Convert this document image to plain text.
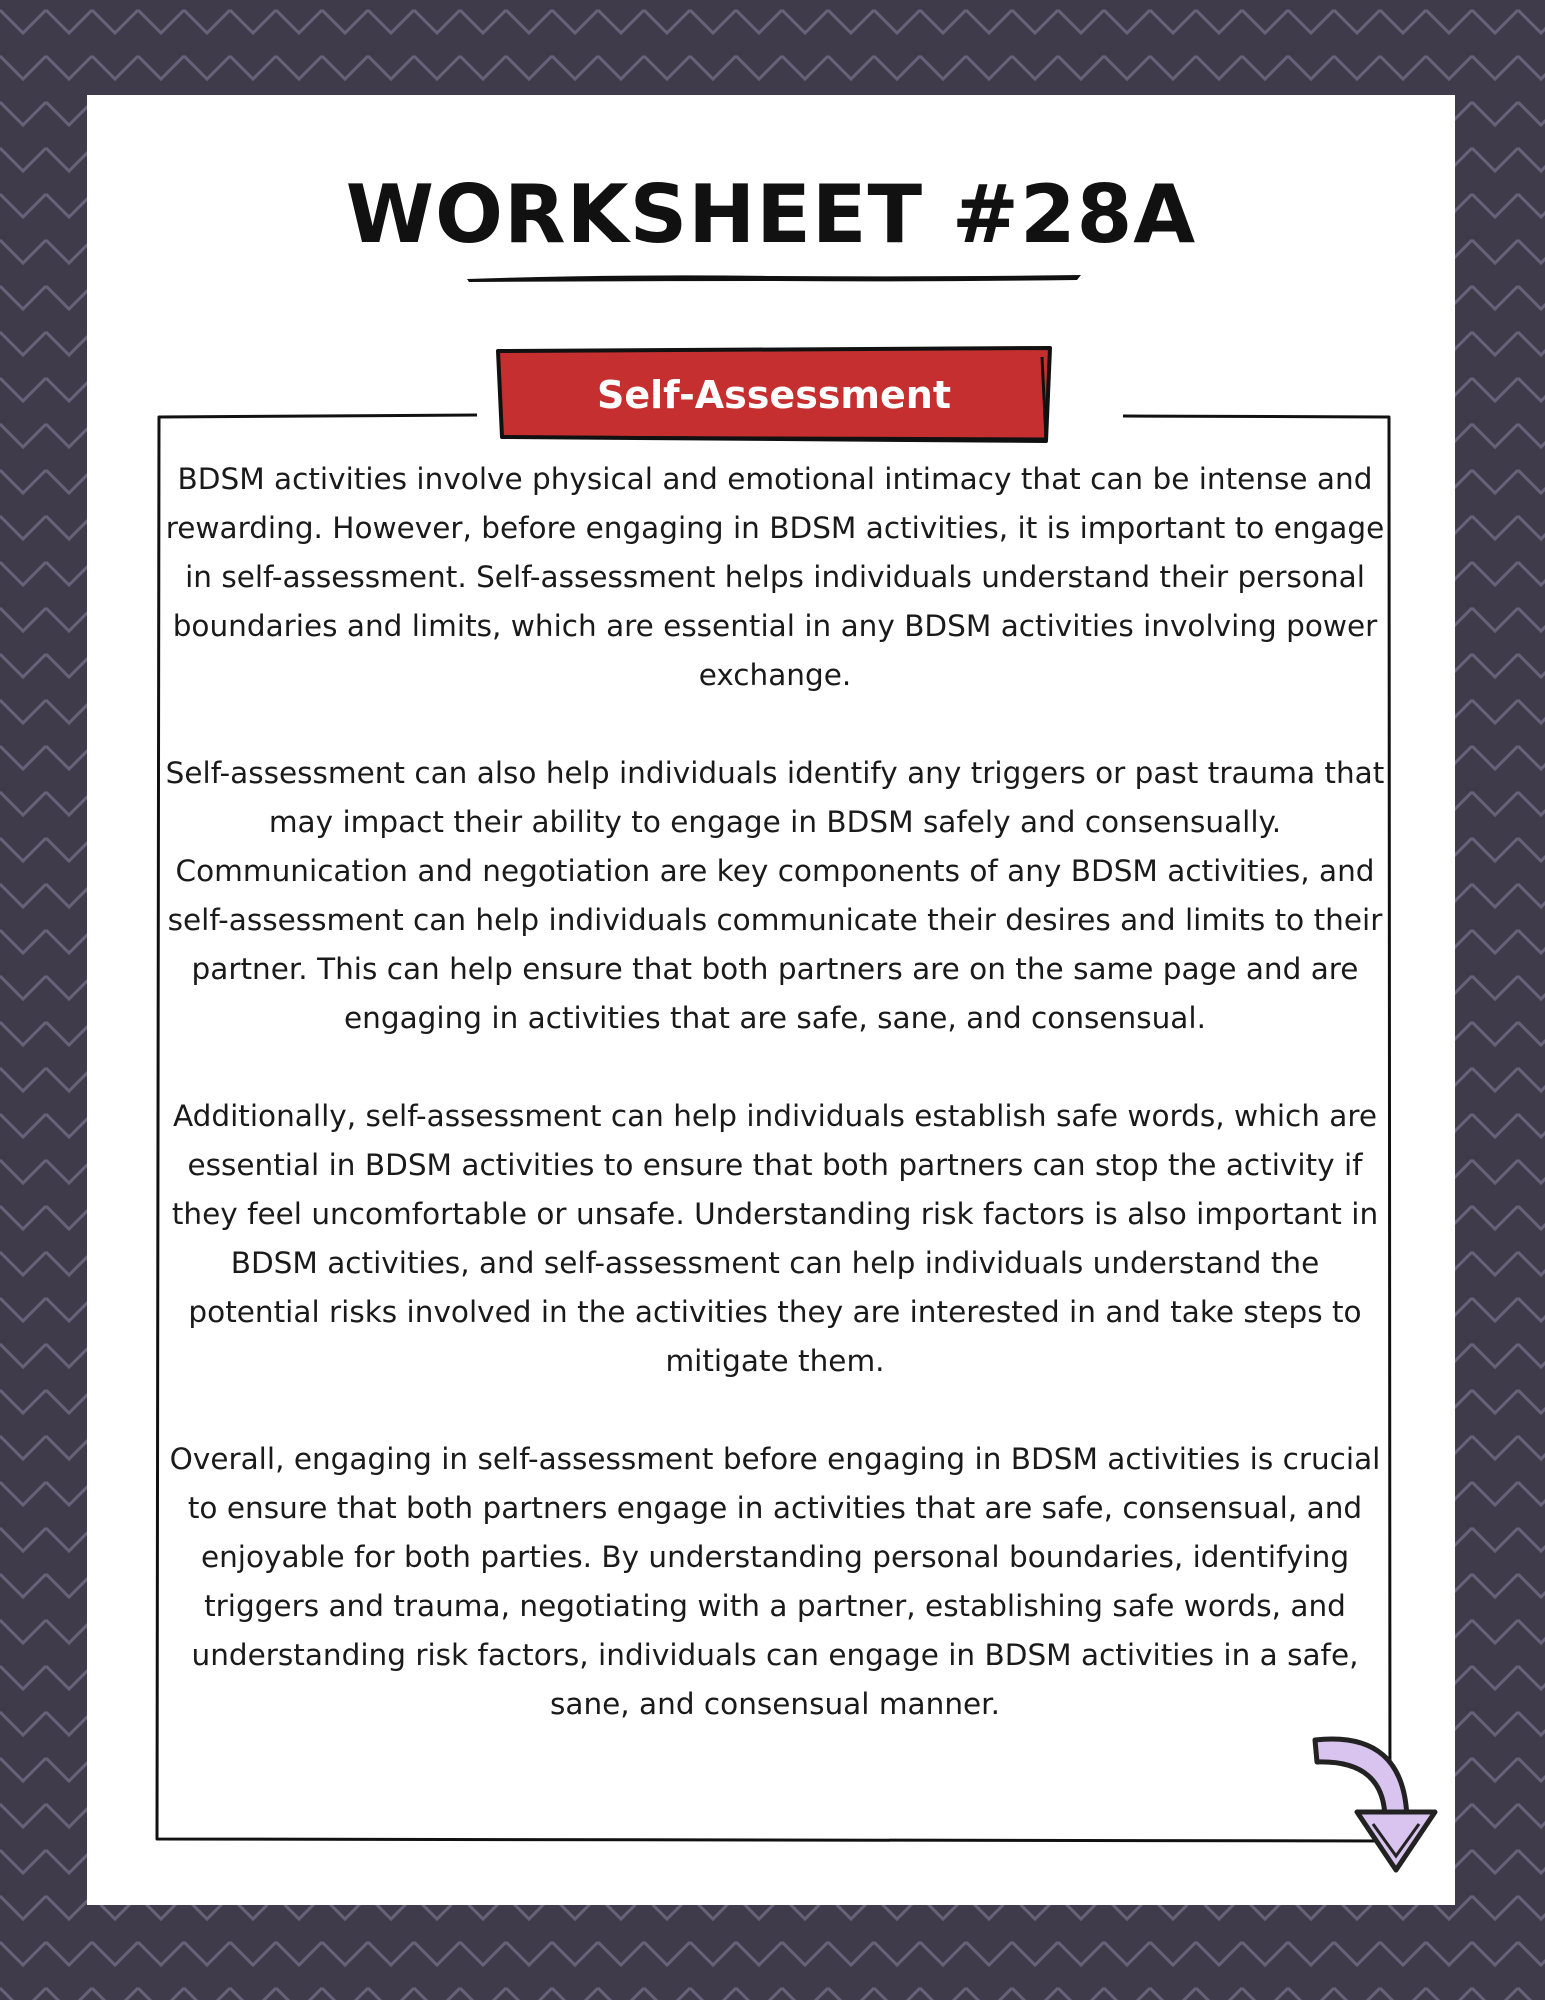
WORKSHEET #28A
Self-Assessment

BDSM activities involve physical and emotional intimacy that can be intense and rewarding. However, before engaging in BDSM activities, it is important to engage in self-assessment. Self-assessment helps individuals understand their personal boundaries and limits, which are essential in any BDSM activities involving power exchange.

Self-assessment can also help individuals identify any triggers or past trauma that may impact their ability to engage in BDSM safely and consensually. Communication and negotiation are key components of any BDSM activities, and self-assessment can help individuals communicate their desires and limits to their partner. This can help ensure that both partners are on the same page and are engaging in activities that are safe, sane, and consensual.

Additionally, self-assessment can help individuals establish safe words, which are essential in BDSM activities to ensure that both partners can stop the activity if they feel uncomfortable or unsafe. Understanding risk factors is also important in BDSM activities, and self-assessment can help individuals understand the potential risks involved in the activities they are interested in and take steps to mitigate them.

Overall, engaging in self-assessment before engaging in BDSM activities is crucial to ensure that both partners engage in activities that are safe, consensual, and enjoyable for both parties. By understanding personal boundaries, identifying triggers and trauma, negotiating with a partner, establishing safe words, and understanding risk factors, individuals can engage in BDSM activities in a safe, sane, and consensual manner.
